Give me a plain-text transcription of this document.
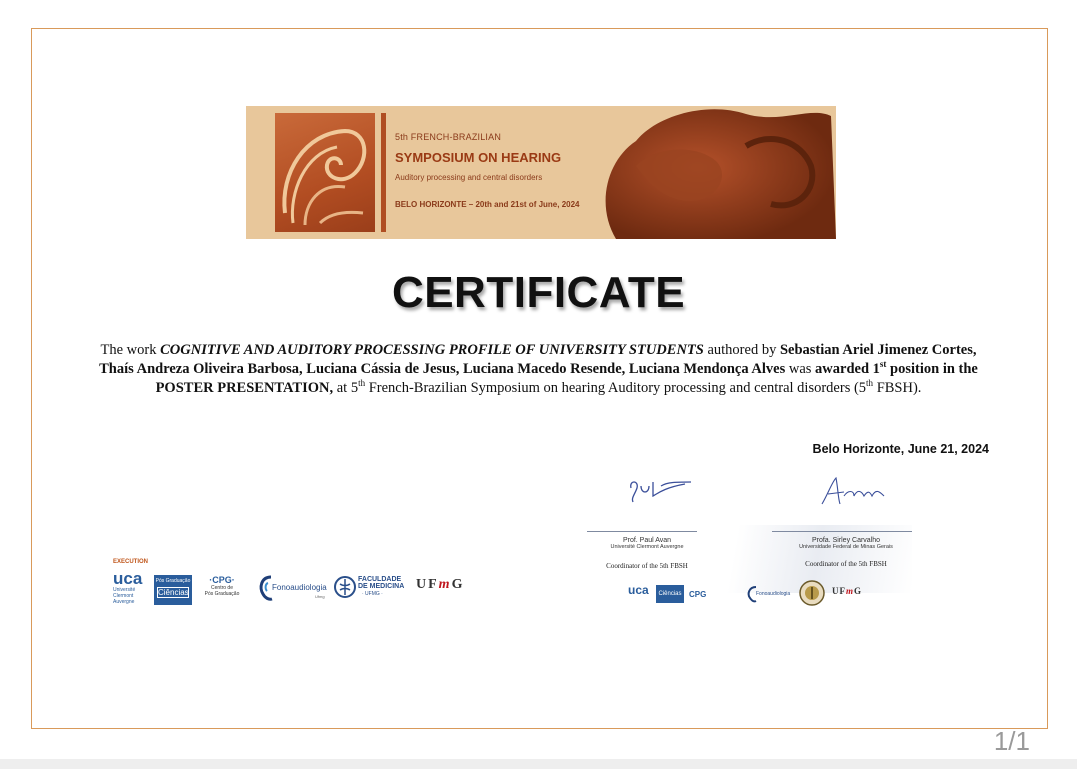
5th FRENCH-BRAZILIAN
SYMPOSIUM ON HEARING
Auditory processing and central disorders
BELO HORIZONTE – 20th and 21st of June, 2024
CERTIFICATE
The work COGNITIVE AND AUDITORY PROCESSING PROFILE OF UNIVERSITY STUDENTS authored by Sebastian Ariel Jimenez Cortes, Thaís Andreza Oliveira Barbosa, Luciana Cássia de Jesus, Luciana Macedo Resende, Luciana Mendonça Alves was awarded 1st position in the POSTER PRESENTATION, at 5th French-Brazilian Symposium on hearing Auditory processing and central disorders (5th FBSH).
Belo Horizonte, June 21, 2024
EXECUTION
uca
Université Clermont Auvergne
Pós Graduação
Ciências
·CPG·
Centro de
Pós Graduação
Fonoaudiologia
Ufmg
FACULDADE
DE MEDICINA
· UFMG ·
UFmG
Prof. Paul Avan
Université Clermont Auvergne
Coordinator of the 5th FBSH
Profa. Sirley Carvalho
Universidade Federal de Minas Gerais
Coordinator of the 5th FBSH
uca	Ciências CPG	Fonoaudiologia	UFmG
1/1
